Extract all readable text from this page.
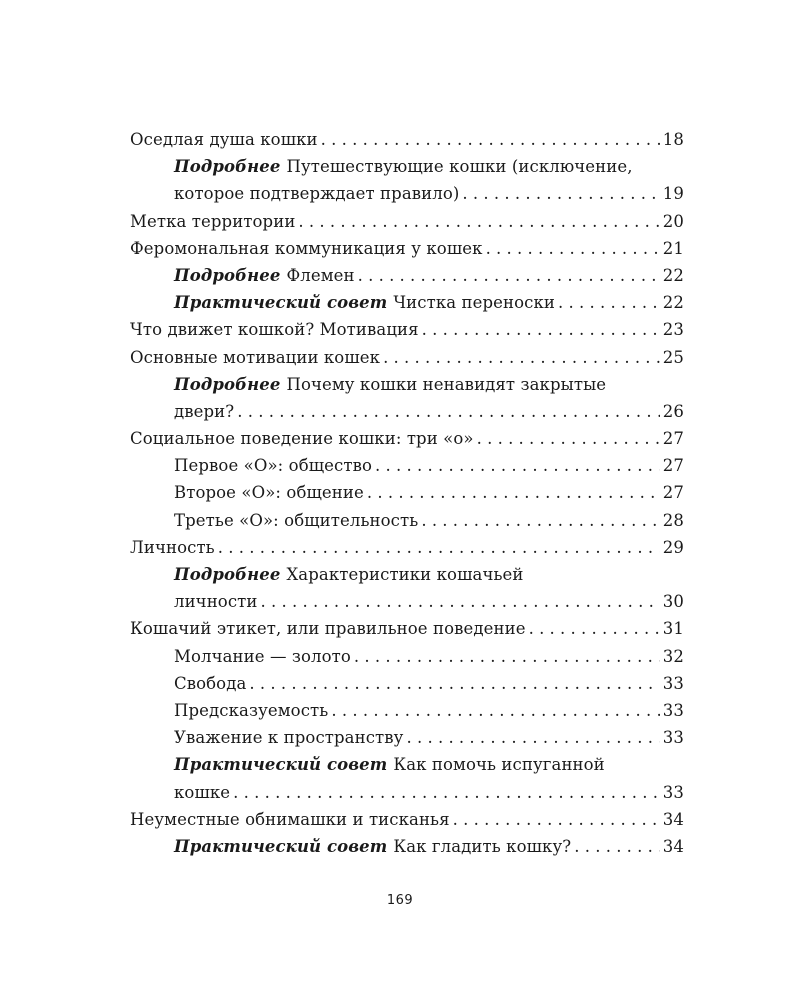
Оседлая душа кошки . . .	18
Подробнее Путешествующие кошки (исключение,
которое подтверждает правило) . . .	19
Метка территории . . .	20
Феромональная коммуникация у кошек . . .	21
Подробнее Флемен . . .	22
Практический совет Чистка переноски . . .	22
Что движет кошкой? Мотивация . . .	23
Основные мотивации кошек . . .	25
Подробнее Почему кошки ненавидят закрытые
двери? . . .	26
Социальное поведение кошки: три «о» . . .	27
Первое «О»: общество . . .	27
Второе «О»: общение . . .	27
Третье «О»: общительность . . .	28
Личность . . .	29
Подробнее Характеристики кошачьей
личности . . .	30
Кошачий этикет, или правильное поведение . . .	31
Молчание — золото . . .	32
Свобода . . .	33
Предсказуемость . . .	33
Уважение к пространству . . .	33
Практический совет Как помочь испуганной
кошке . . .	33
Неуместные обнимашки и тисканья . . .	34
Практический совет Как гладить кошку? . . .	34
169
